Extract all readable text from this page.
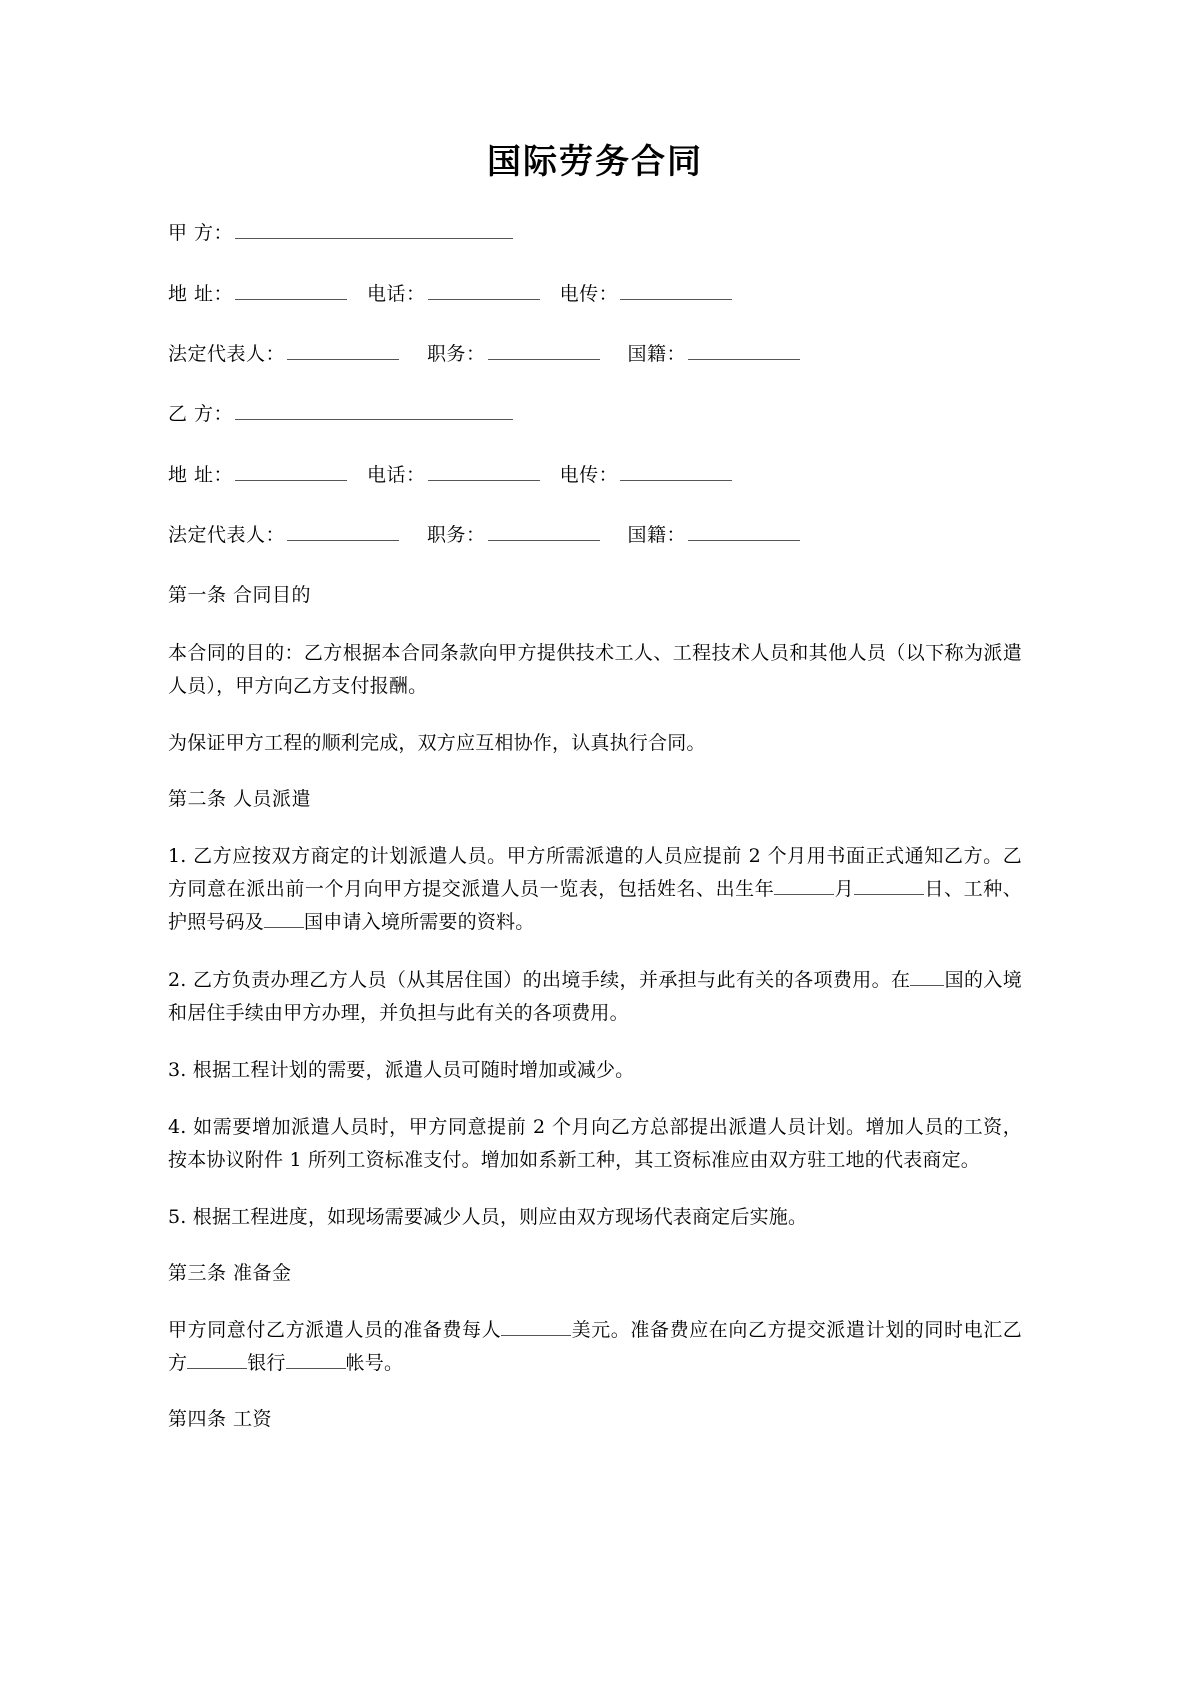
国际劳务合同

甲 方：

地 址：	电话：	电传：

法定代表人：	职务：	国籍：

乙 方：

地 址：	电话：	电传：

法定代表人：	职务：	国籍：

第一条 合同目的

本合同的目的：乙方根据本合同条款向甲方提供技术工人、工程技术人员和其他人员（以下称为派遣人员），甲方向乙方支付报酬。

为保证甲方工程的顺利完成，双方应互相协作，认真执行合同。

第二条 人员派遣

1. 乙方应按双方商定的计划派遣人员。甲方所需派遣的人员应提前 2 个月用书面正式通知乙方。乙方同意在派出前一个月向甲方提交派遣人员一览表，包括姓名、出生年	月	日、工种、护照号码及 国申请入境所需要的资料。

2. 乙方负责办理乙方人员（从其居住国）的出境手续，并承担与此有关的各项费用。在 国的入境和居住手续由甲方办理，并负担与此有关的各项费用。

3. 根据工程计划的需要，派遣人员可随时增加或减少。

4. 如需要增加派遣人员时，甲方同意提前 2 个月向乙方总部提出派遣人员计划。增加人员的工资，按本协议附件 1 所列工资标准支付。增加如系新工种，其工资标准应由双方驻工地的代表商定。

5. 根据工程进度，如现场需要减少人员，则应由双方现场代表商定后实施。

第三条 准备金

甲方同意付乙方派遣人员的准备费每人	美元。准备费应在向乙方提交派遣计划的同时电汇乙方	银行	帐号。

第四条 工资
